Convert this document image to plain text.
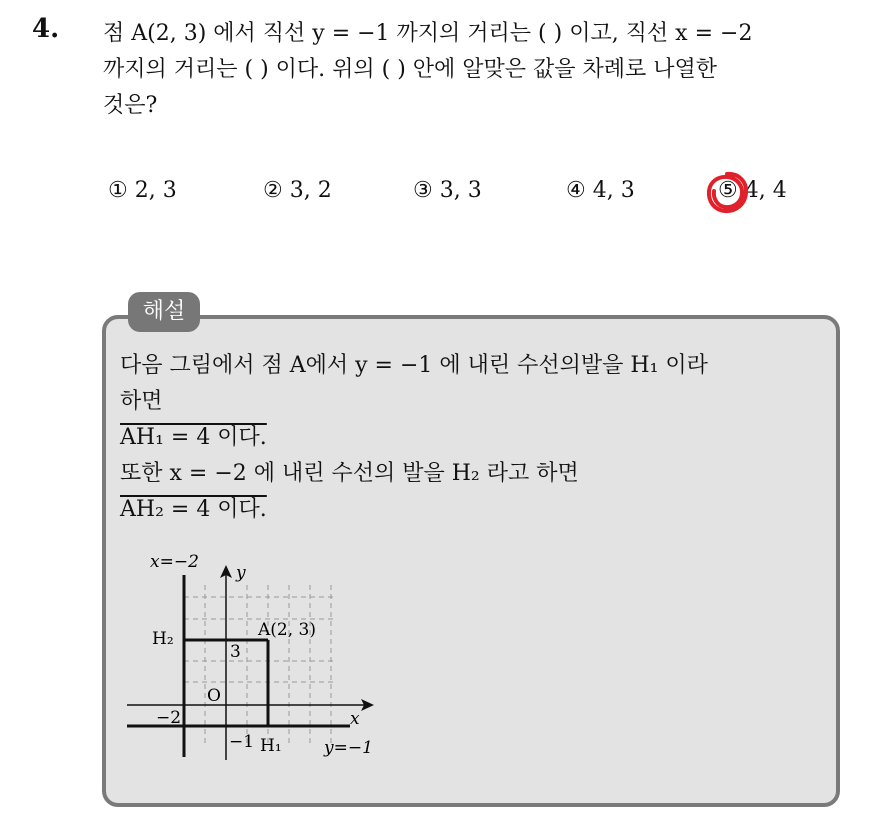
4. 점 A(2, 3) 에서 직선 y = −1 까지의 거리는 ( ) 이고, 직선 x = −2
까지의 거리는 ( ) 이다. 위의 ( ) 안에 알맞은 값을 차례로 나열한
것은?
① 2, 3	② 3, 2	③ 3, 3	④ 4, 3	⑤ 4, 4
해설
다음 그림에서 점 A에서 y = −1 에 내린 수선의발을 H₁ 이라
하면
AH₁ = 4 이다.
또한 x = −2 에 내린 수선의 발을 H₂ 라고 하면
AH₂ = 4 이다.
x=−2
y
H₂	A(2, 3)
3
O
x
−2
−1 H₁ y=−1
